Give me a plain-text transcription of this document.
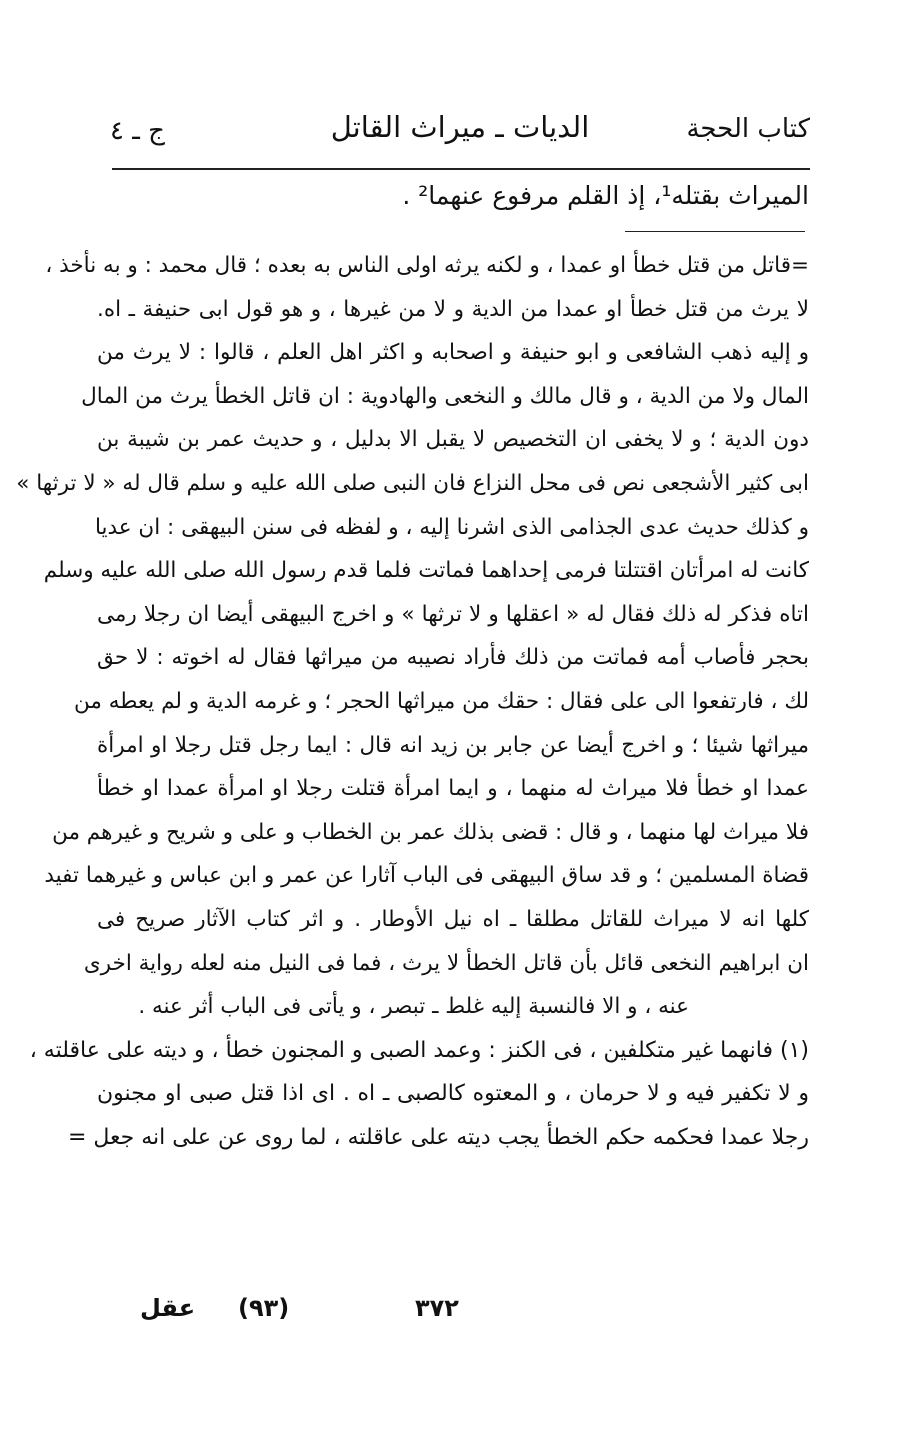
كتاب الحجة
الديات ـ ميراث القاتل
ج ـ ٤
الميراث بقتله¹، إذ القلم مرفوع عنهما² .
=قاتل من قتل خطأ او عمدا ، و لكنه يرثه اولى الناس به بعده ؛ قال محمد : و به نأخذ ،
لا يرث من قتل خطأ او عمدا من الدية و لا من غيرها ، و هو قول ابى حنيفة ـ اه.
و إليه ذهب الشافعى و ابو حنيفة و اصحابه و اكثر اهل العلم ، قالوا : لا يرث من
المال ولا من الدية ، و قال مالك و النخعى والهادوية : ان قاتل الخطأ يرث من المال
دون الدية ؛ و لا يخفى ان التخصيص لا يقبل الا بدليل ، و حديث عمر بن شيبة بن
ابى كثير الأشجعى نص فى محل النزاع فان النبى صلى الله عليه و سلم قال له « لا ترثها »
و كذلك حديث عدى الجذامى الذى اشرنا إليه ، و لفظه فى سنن البيهقى : ان عديا
كانت له امرأتان اقتتلتا فرمى إحداهما فماتت فلما قدم رسول الله صلى الله عليه وسلم
اتاه فذكر له ذلك فقال له « اعقلها و لا ترثها » و اخرج البيهقى أيضا ان رجلا رمى
بحجر فأصاب أمه فماتت من ذلك فأراد نصيبه من ميراثها فقال له اخوته : لا حق
لك ، فارتفعوا الى على فقال : حقك من ميراثها الحجر ؛ و غرمه الدية و لم يعطه من
ميراثها شيئا ؛ و اخرج أيضا عن جابر بن زيد انه قال : ايما رجل قتل رجلا او امرأة
عمدا او خطأ فلا ميراث له منهما ، و ايما امرأة قتلت رجلا او امرأة عمدا او خطأ
فلا ميراث لها منهما ، و قال : قضى بذلك عمر بن الخطاب و على و شريح و غيرهم من
قضاة المسلمين ؛ و قد ساق البيهقى فى الباب آثارا عن عمر و ابن عباس و غيرهما تفيد
كلها انه لا ميراث للقاتل مطلقا ـ اه نيل الأوطار . و اثر كتاب الآثار صريح فى
ان ابراهيم النخعى قائل بأن قاتل الخطأ لا يرث ، فما فى النيل منه لعله رواية اخرى
عنه ، و الا فالنسبة إليه غلط ـ تبصر ، و يأتى فى الباب أثر عنه .
(١) فانهما غير متكلفين ، فى الكنز : وعمد الصبى و المجنون خطأ ، و ديته على عاقلته ،
و لا تكفير فيه و لا حرمان ، و المعتوه كالصبى ـ اه . اى اذا قتل صبى او مجنون
رجلا عمدا فحكمه حكم الخطأ يجب ديته على عاقلته ، لما روى عن على انه جعل =
عقل (٩٣)	٣٧٢
